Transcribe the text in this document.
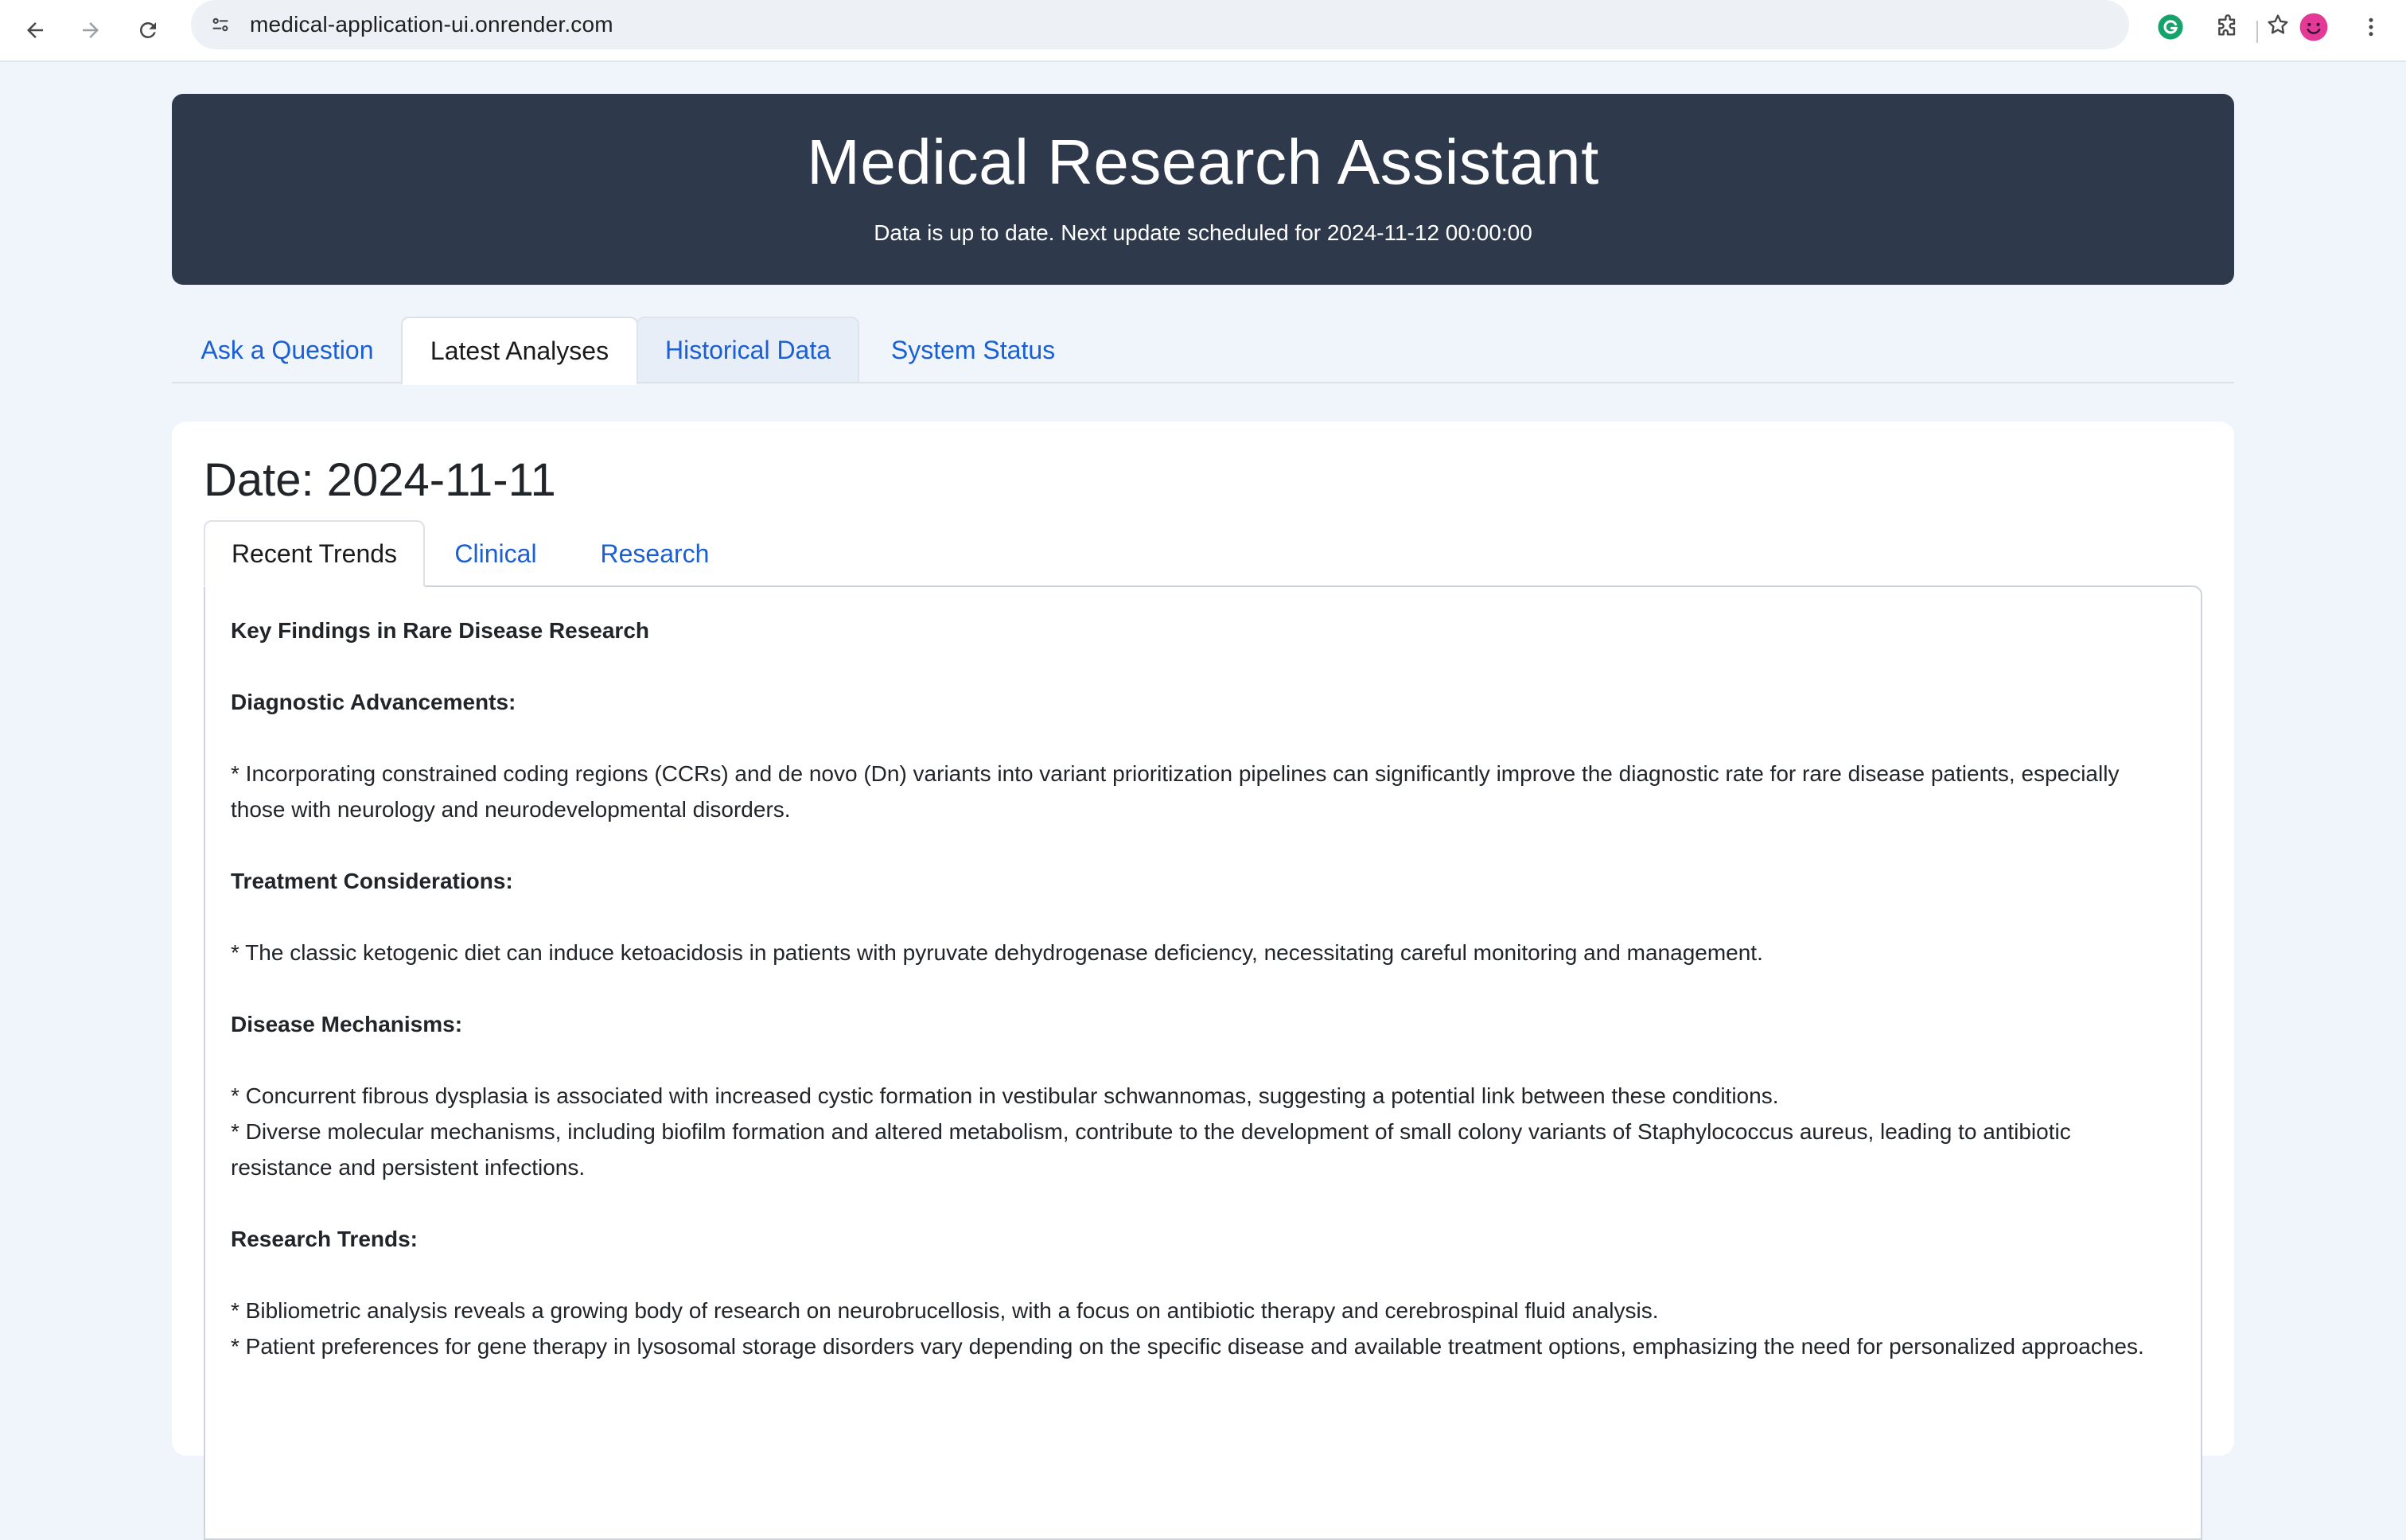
medical-application-ui.onrender.com
Medical Research Assistant
Data is up to date. Next update scheduled for 2024-11-12 00:00:00
Ask a Question	Latest Analyses	Historical Data	System Status
Date: 2024-11-11
Recent Trends	Clinical	Research

Key Findings in Rare Disease Research

Diagnostic Advancements:

* Incorporating constrained coding regions (CCRs) and de novo (Dn) variants into variant prioritization pipelines can significantly improve the diagnostic rate for rare disease patients, especially those with neurology and neurodevelopmental disorders.

Treatment Considerations:

* The classic ketogenic diet can induce ketoacidosis in patients with pyruvate dehydrogenase deficiency, necessitating careful monitoring and management.

Disease Mechanisms:

* Concurrent fibrous dysplasia is associated with increased cystic formation in vestibular schwannomas, suggesting a potential link between these conditions.

* Diverse molecular mechanisms, including biofilm formation and altered metabolism, contribute to the development of small colony variants of Staphylococcus aureus, leading to antibiotic resistance and persistent infections.

Research Trends:

* Bibliometric analysis reveals a growing body of research on neurobrucellosis, with a focus on antibiotic therapy and cerebrospinal fluid analysis.

* Patient preferences for gene therapy in lysosomal storage disorders vary depending on the specific disease and available treatment options, emphasizing the need for personalized approaches.
